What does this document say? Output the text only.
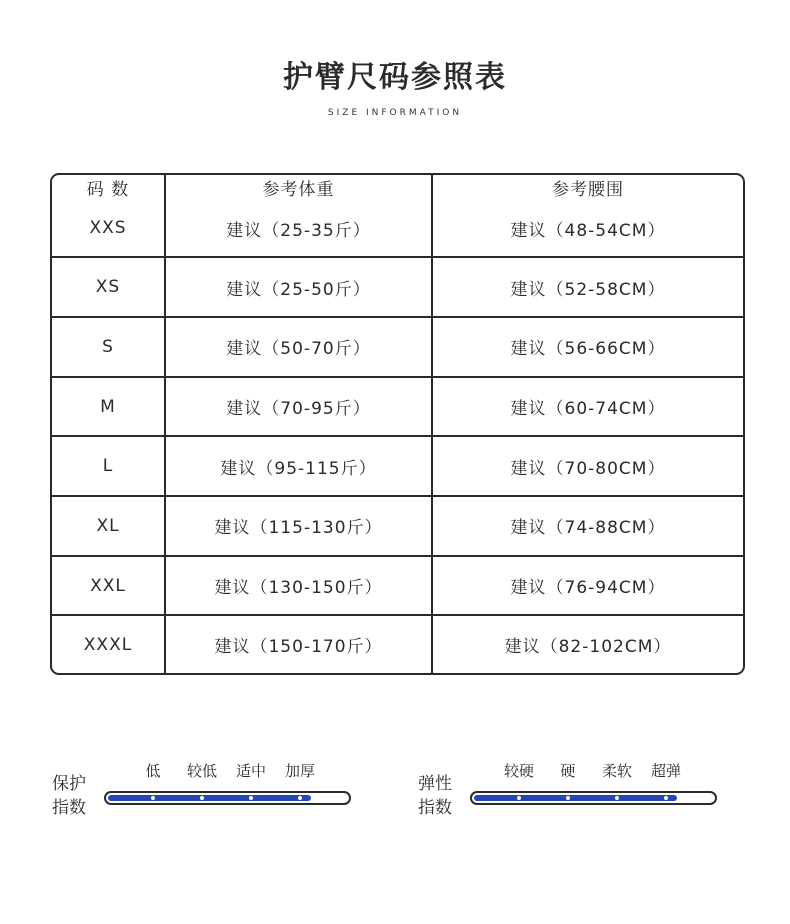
护臂尺码参照表
SIZE INFORMATION
码 数	参考体重	参考腰围
XXS	建议（25-35斤）	建议（48-54CM）
XS	建议（25-50斤）	建议（52-58CM）
S	建议（50-70斤）	建议（56-66CM）
M	建议（70-95斤）	建议（60-74CM）
L	建议（95-115斤）	建议（70-80CM）
XL	建议（115-130斤）	建议（74-88CM）
XXL	建议（130-150斤）	建议（76-94CM）
XXXL	建议（150-170斤）	建议（82-102CM）
保护
指数
低 较低 适中 加厚
弹性
指数
较硬 硬 柔软 超弹
